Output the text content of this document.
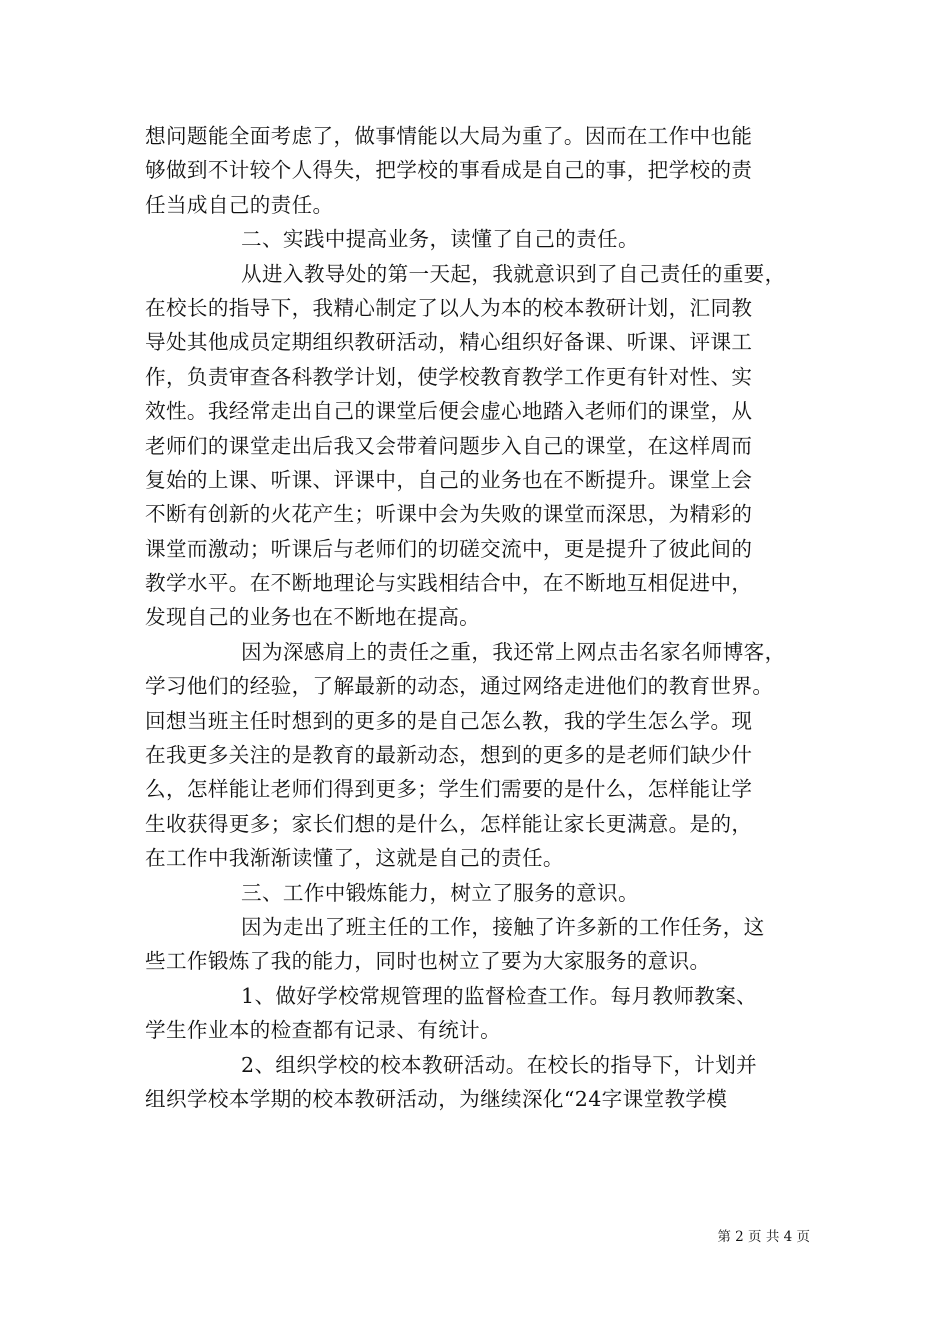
想问题能全面考虑了，做事情能以大局为重了。因而在工作中也能
够做到不计较个人得失，把学校的事看成是自己的事，把学校的责
任当成自己的责任。
二、实践中提高业务，读懂了自己的责任。
从进入教导处的第一天起，我就意识到了自己责任的重要，
在校长的指导下，我精心制定了以人为本的校本教研计划，汇同教
导处其他成员定期组织教研活动，精心组织好备课、听课、评课工
作，负责审查各科教学计划，使学校教育教学工作更有针对性、实
效性。我经常走出自己的课堂后便会虚心地踏入老师们的课堂，从
老师们的课堂走出后我又会带着问题步入自己的课堂，在这样周而
复始的上课、听课、评课中，自己的业务也在不断提升。课堂上会
不断有创新的火花产生；听课中会为失败的课堂而深思，为精彩的
课堂而激动；听课后与老师们的切磋交流中，更是提升了彼此间的
教学水平。在不断地理论与实践相结合中，在不断地互相促进中，
发现自己的业务也在不断地在提高。
因为深感肩上的责任之重，我还常上网点击名家名师博客，
学习他们的经验，了解最新的动态，通过网络走进他们的教育世界。
回想当班主任时想到的更多的是自己怎么教，我的学生怎么学。现
在我更多关注的是教育的最新动态，想到的更多的是老师们缺少什
么，怎样能让老师们得到更多；学生们需要的是什么，怎样能让学
生收获得更多；家长们想的是什么，怎样能让家长更满意。是的，
在工作中我渐渐读懂了，这就是自己的责任。
三、工作中锻炼能力，树立了服务的意识。
因为走出了班主任的工作，接触了许多新的工作任务，这
些工作锻炼了我的能力，同时也树立了要为大家服务的意识。
1、做好学校常规管理的监督检查工作。每月教师教案、
学生作业本的检查都有记录、有统计。
2、组织学校的校本教研活动。在校长的指导下，计划并
组织学校本学期的校本教研活动，为继续深化“24字课堂教学模
第 2 页 共 4 页
